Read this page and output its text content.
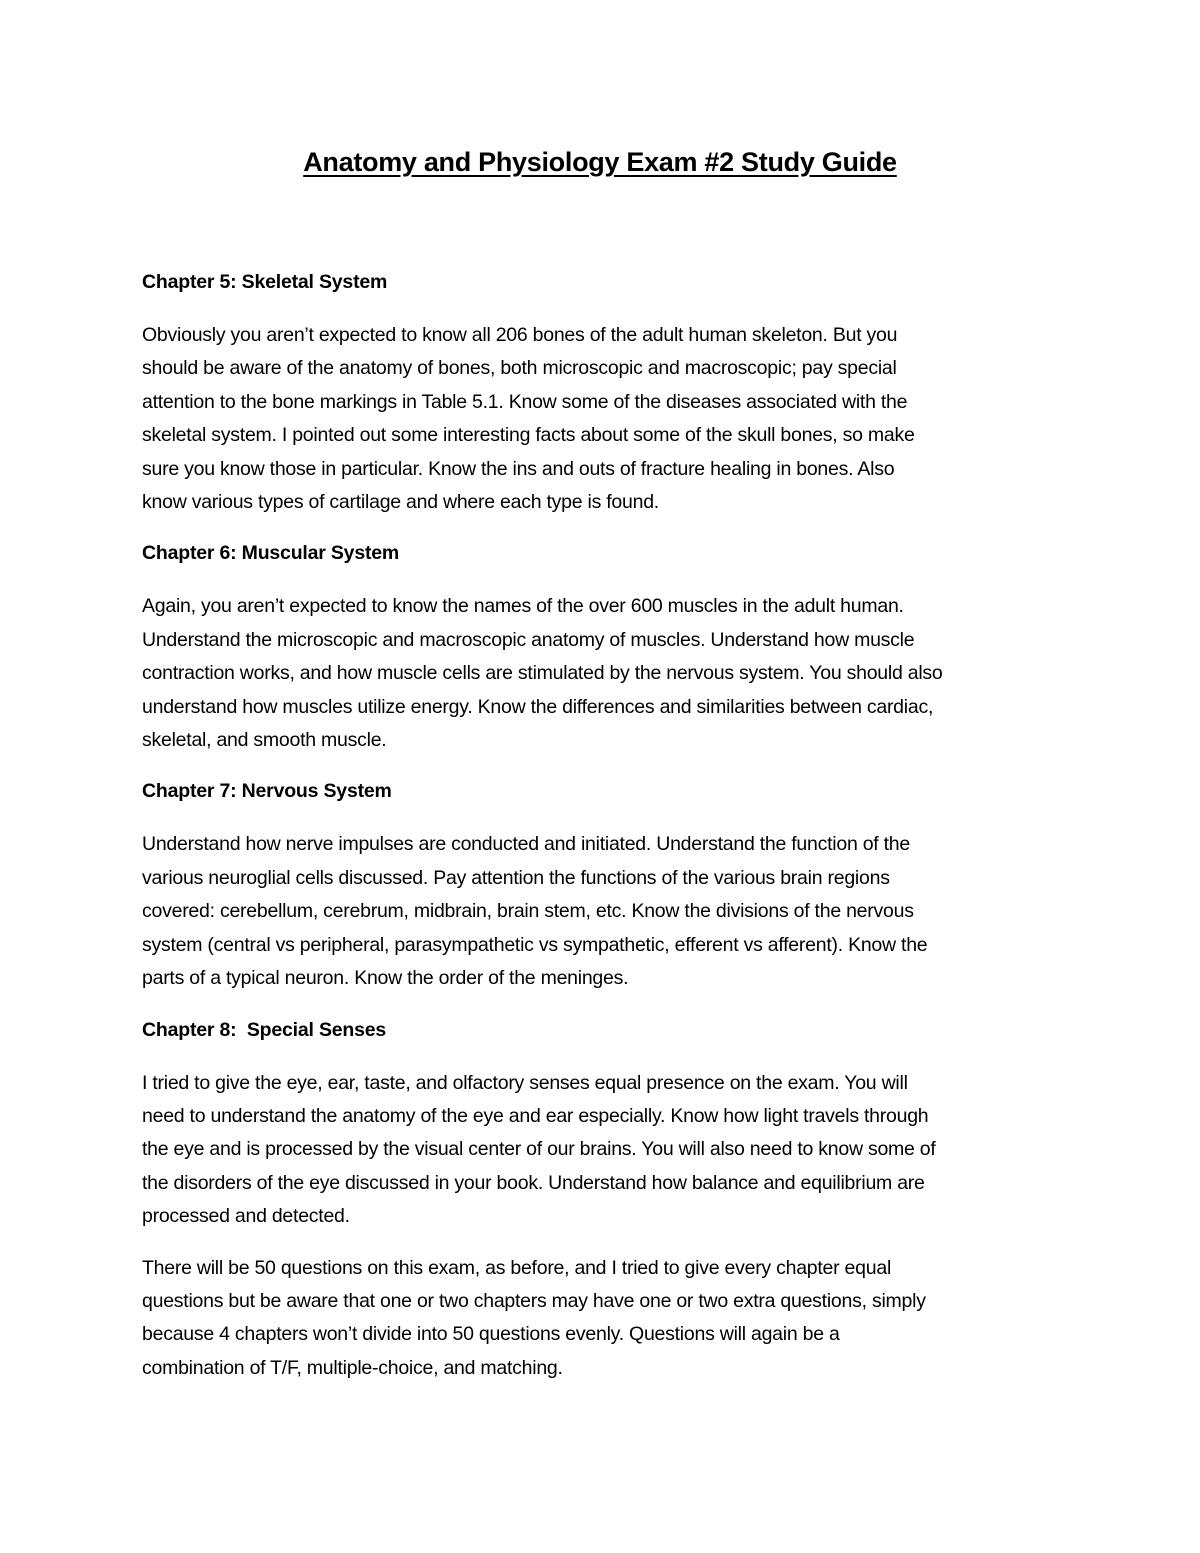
Anatomy and Physiology Exam #2 Study Guide
Chapter 5: Skeletal System
Obviously you aren’t expected to know all 206 bones of the adult human skeleton. But you
should be aware of the anatomy of bones, both microscopic and macroscopic; pay special
attention to the bone markings in Table 5.1. Know some of the diseases associated with the
skeletal system. I pointed out some interesting facts about some of the skull bones, so make
sure you know those in particular. Know the ins and outs of fracture healing in bones. Also
know various types of cartilage and where each type is found.
Chapter 6: Muscular System
Again, you aren’t expected to know the names of the over 600 muscles in the adult human.
Understand the microscopic and macroscopic anatomy of muscles. Understand how muscle
contraction works, and how muscle cells are stimulated by the nervous system. You should also
understand how muscles utilize energy. Know the differences and similarities between cardiac,
skeletal, and smooth muscle.
Chapter 7: Nervous System
Understand how nerve impulses are conducted and initiated. Understand the function of the
various neuroglial cells discussed. Pay attention the functions of the various brain regions
covered: cerebellum, cerebrum, midbrain, brain stem, etc. Know the divisions of the nervous
system (central vs peripheral, parasympathetic vs sympathetic, efferent vs afferent). Know the
parts of a typical neuron. Know the order of the meninges.
Chapter 8:  Special Senses
I tried to give the eye, ear, taste, and olfactory senses equal presence on the exam. You will
need to understand the anatomy of the eye and ear especially. Know how light travels through
the eye and is processed by the visual center of our brains. You will also need to know some of
the disorders of the eye discussed in your book. Understand how balance and equilibrium are
processed and detected.
There will be 50 questions on this exam, as before, and I tried to give every chapter equal
questions but be aware that one or two chapters may have one or two extra questions, simply
because 4 chapters won’t divide into 50 questions evenly. Questions will again be a
combination of T/F, multiple-choice, and matching.
